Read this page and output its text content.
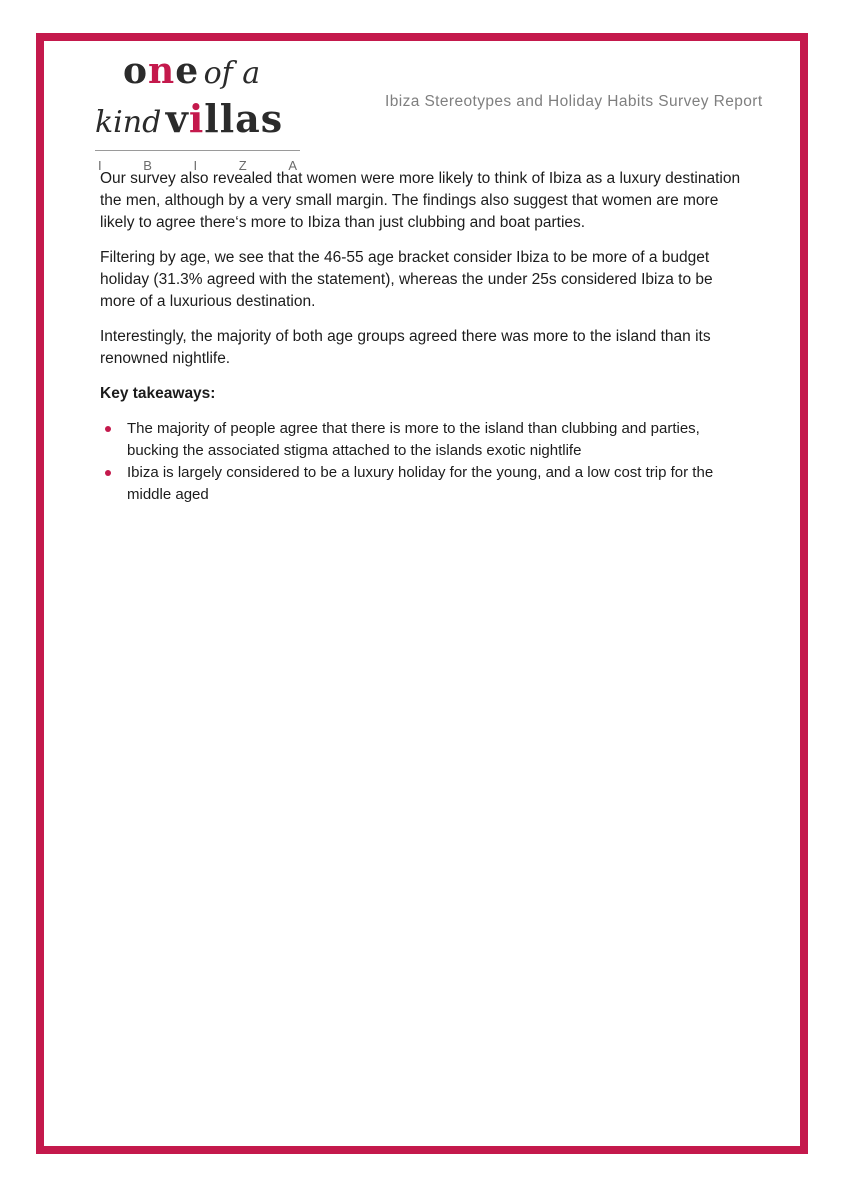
one of a
kind villas
I	B	I	Z	A
Ibiza Stereotypes and Holiday Habits Survey Report

Our survey also revealed that women were more likely to think of Ibiza as a luxury destination the men, although by a very small margin. The findings also suggest that women are more likely to agree there‘s more to Ibiza than just clubbing and boat parties.

Filtering by age, we see that the 46-55 age bracket consider Ibiza to be more of a budget holiday (31.3% agreed with the statement), whereas the under 25s considered Ibiza to be more of a luxurious destination.

Interestingly, the majority of both age groups agreed there was more to the island than its renowned nightlife.

Key takeaways:
The majority of people agree that there is more to the island than clubbing and parties, bucking the associated stigma attached to the islands exotic nightlife
Ibiza is largely considered to be a luxury holiday for the young, and a low cost trip for the middle aged
